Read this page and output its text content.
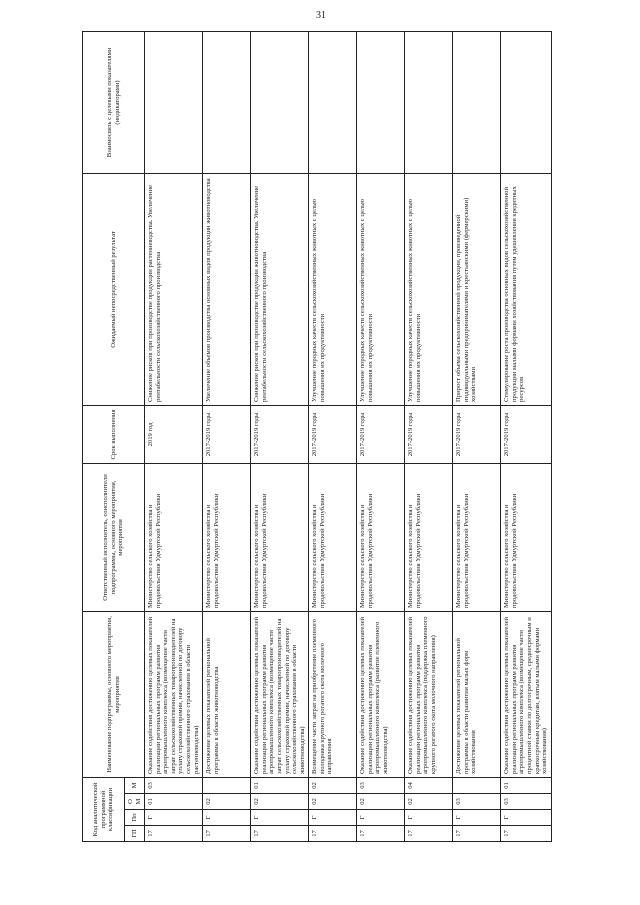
31
Код аналитической программной классификации				Наименование подпрограммы, основного мероприятия, мероприятия	Ответственный исполнитель, соисполнители подпрограммы, основного мероприятия, мероприятия	Срок выполнения	Ожидаемый непосредственный результат	Взаимосвязь с целевыми показателями (индикаторами)
ГП	Пп	ОМ	М					
17	Г	01	03	Оказание содействия достижению целевых показателей реализации региональных программ развития агропромышленного комплекса (возмещение части затрат сельскохозяйственных товаропроизводителей на уплату страховой премии, начисленной по договору сельскохозяйственного страхования в области растениеводства)	Министерство сельского хозяйства и продовольствия Удмуртской Республики	2019 год	Снижение рисков при производстве продукции растениеводства. Увеличение рентабельности сельскохозяйственного производства	
17	Г	02		Достижение целевых показателей региональной программы в области животноводства	Министерство сельского хозяйства и продовольствия Удмуртской Республики	2017-2019 годы	Увеличение объемов производства основных видов продукции животноводства	
17	Г	02	01	Оказание содействия достижению целевых показателей реализации региональных программ развития агропромышленного комплекса (возмещение части затрат сельскохозяйственных товаропроизводителей на уплату страховой премии, начисленной по договору сельскохозяйственного страхования в области животноводства)	Министерство сельского хозяйства и продовольствия Удмуртской Республики	2017-2019 годы	Снижение рисков при производстве продукции животноводства. Увеличение рентабельности сельскохозяйственного производства	
17	Г	02	02	Возмещение части затрат на приобретение племенного молодняка крупного рогатого скота молочного направления	Министерство сельского хозяйства и продовольствия Удмуртской Республики	2017-2019 годы	Улучшение породных качеств сельскохозяйственных животных с целью повышения их продуктивности	
17	Г	02	03	Оказание содействия достижению целевых показателей реализации региональных программ развития агропромышленного комплекса (развитие племенного животноводства)	Министерство сельского хозяйства и продовольствия Удмуртской Республики	2017-2019 годы	Улучшение породных качеств сельскохозяйственных животных с целью повышения их продуктивности	
17	Г	02	04	Оказание содействия достижению целевых показателей реализации региональных программ развития агропромышленного комплекса (поддержка племенного крупного рогатого скота молочного направления)	Министерство сельского хозяйства и продовольствия Удмуртской Республики	2017-2019 годы	Улучшение породных качеств сельскохозяйственных животных с целью повышения их продуктивности	
17	Г	03		Достижение целевых показателей региональной программы в области развития малых форм хозяйствования	Министерство сельского хозяйства и продовольствия Удмуртской Республики	2017-2019 годы	Прирост объема сельскохозяйственной продукции, произведенной индивидуальными предпринимателями и крестьянскими (фермерскими) хозяйствами	
17	Г	03	01	Оказание содействия достижению целевых показателей реализации региональных программ развития агропромышленного комплекса (возмещение части процентной ставки по долгосрочным, среднесрочным и краткосрочным кредитам, взятым малыми формами хозяйствования)	Министерство сельского хозяйства и продовольствия Удмуртской Республики	2017-2019 годы	Стимулирование роста производства основных видов сельскохозяйственной продукции малыми формами хозяйствования путем удешевления кредитных ресурсов	
